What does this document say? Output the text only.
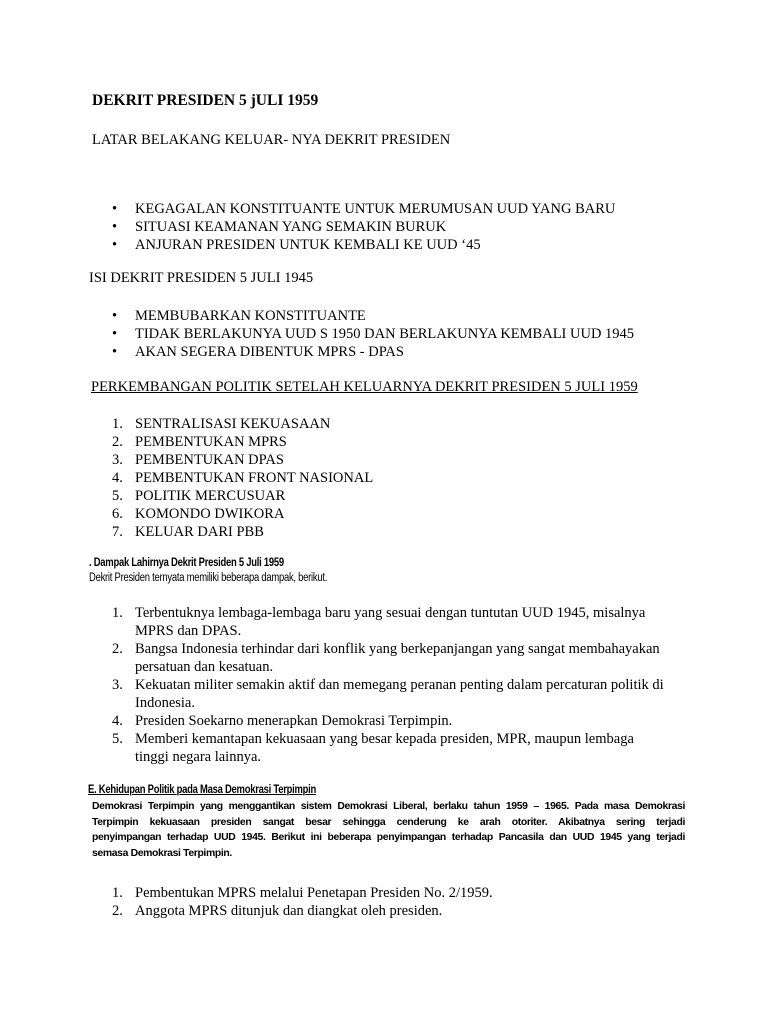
DEKRIT PRESIDEN 5 jULI 1959
LATAR BELAKANG KELUAR- NYA DEKRIT PRESIDEN
• KEGAGALAN KONSTITUANTE UNTUK MERUMUSAN UUD YANG BARU
• SITUASI KEAMANAN YANG SEMAKIN BURUK
• ANJURAN PRESIDEN UNTUK KEMBALI KE UUD ‘45
ISI DEKRIT PRESIDEN 5 JULI 1945
• MEMBUBARKAN KONSTITUANTE
• TIDAK BERLAKUNYA UUD S 1950 DAN BERLAKUNYA KEMBALI UUD 1945
• AKAN SEGERA DIBENTUK MPRS - DPAS
PERKEMBANGAN POLITIK SETELAH KELUARNYA DEKRIT PRESIDEN 5 JULI 1959
1. SENTRALISASI KEKUASAAN
2. PEMBENTUKAN MPRS
3. PEMBENTUKAN DPAS
4. PEMBENTUKAN FRONT NASIONAL
5. POLITIK MERCUSUAR
6. KOMONDO DWIKORA
7. KELUAR DARI PBB
. Dampak Lahirnya Dekrit Presiden 5 Juli 1959
Dekrit Presiden ternyata memiliki beberapa dampak, berikut.
1. Terbentuknya lembaga-lembaga baru yang sesuai dengan tuntutan UUD 1945, misalnya MPRS dan DPAS.
2. Bangsa Indonesia terhindar dari konflik yang berkepanjangan yang sangat membahayakan persatuan dan kesatuan.
3. Kekuatan militer semakin aktif dan memegang peranan penting dalam percaturan politik di Indonesia.
4. Presiden Soekarno menerapkan Demokrasi Terpimpin.
5. Memberi kemantapan kekuasaan yang besar kepada presiden, MPR, maupun lembaga tinggi negara lainnya.
E. Kehidupan Politik pada Masa Demokrasi Terpimpin
Demokrasi Terpimpin yang menggantikan sistem Demokrasi Liberal, berlaku tahun 1959 – 1965. Pada masa Demokrasi
Terpimpin kekuasaan presiden sangat besar sehingga cenderung ke arah otoriter. Akibatnya sering terjadi
penyimpangan terhadap UUD 1945. Berikut ini beberapa penyimpangan terhadap Pancasila dan UUD 1945 yang terjadi
semasa Demokrasi Terpimpin.
1. Pembentukan MPRS melalui Penetapan Presiden No. 2/1959.
2. Anggota MPRS ditunjuk dan diangkat oleh presiden.
